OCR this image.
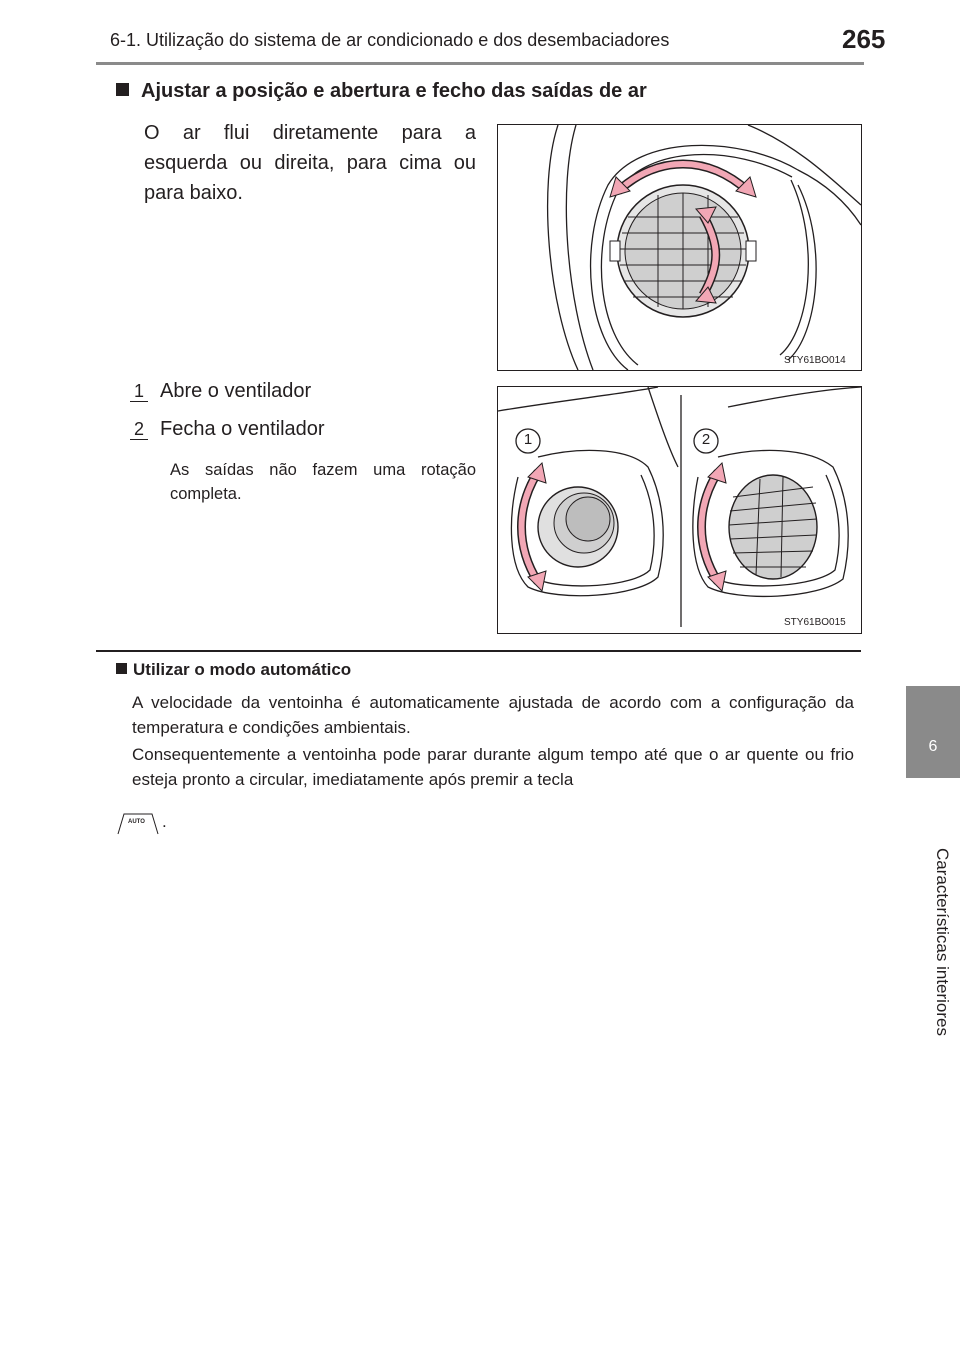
6-1. Utilização do sistema de ar condicionado e dos desembaciadores	265
6
Características interiores
Ajustar a posição e abertura e fecho das saídas de ar
O ar flui diretamente para a esquerda ou direita, para cima ou para baixo.
STY61BO014
1 Abre o ventilador
2 Fecha o ventilador
As saídas não fazem uma rotação completa.
1	2
STY61BO015
Utilizar o modo automático
A velocidade da ventoinha é automaticamente ajustada de acordo com a configuração da temperatura e condições ambientais.
Consequentemente a ventoinha pode parar durante algum tempo até que o ar quente ou frio esteja pronto a circular, imediatamente após premir a tecla
AUTO .
